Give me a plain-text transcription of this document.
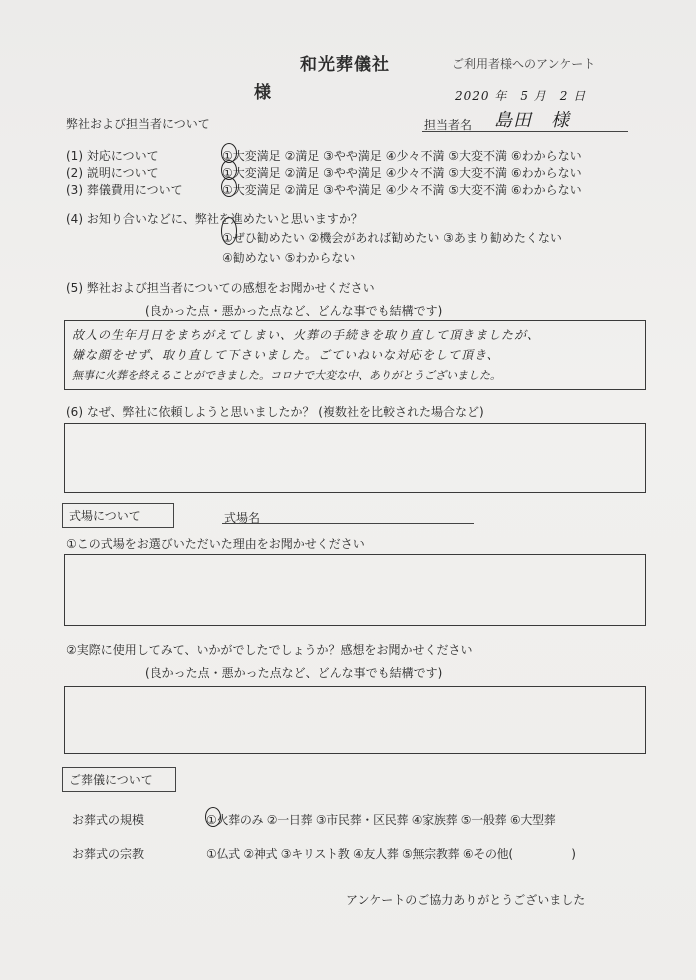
和光葬儀社	ご利用者様へのアンケート
様	2020 年　5 月　2 日
弊社および担当者について	担当者名 島田　様
(1) 対応について	①大変満足 ②満足 ③やや満足 ④少々不満 ⑤大変不満 ⑥わからない
(2) 説明について	①大変満足 ②満足 ③やや満足 ④少々不満 ⑤大変不満 ⑥わからない
(3) 葬儀費用について	①大変満足 ②満足 ③やや満足 ④少々不満 ⑤大変不満 ⑥わからない
(4) お知り合いなどに、弊社を進めたいと思いますか？
①ぜひ勧めたい ②機会があれば勧めたい ③あまり勧めたくない
④勧めない ⑤わからない
(5) 弊社および担当者についての感想をお聞かせください
(良かった点・悪かった点など、どんな事でも結構です)
故人の生年月日をまちがえてしまい、火葬の手続きを取り直して頂きましたが、
嫌な顔をせず、取り直して下さいました。ごていねいな対応をして頂き、
無事に火葬を終えることができました。コロナで大変な中、ありがとうございました。
(6) なぜ、弊社に依頼しようと思いましたか？ (複数社を比較された場合など)
式場について	式場名
①この式場をお選びいただいた理由をお聞かせください
②実際に使用してみて、いかがでしたでしょうか？感想をお聞かせください
(良かった点・悪かった点など、どんな事でも結構です)
ご葬儀について
お葬式の規模	①火葬のみ ②一日葬 ③市民葬・区民葬 ④家族葬 ⑤一般葬 ⑥大型葬
お葬式の宗教	①仏式 ②神式 ③キリスト教 ④友人葬 ⑤無宗教葬 ⑥その他(　　　　　)
アンケートのご協力ありがとうございました
